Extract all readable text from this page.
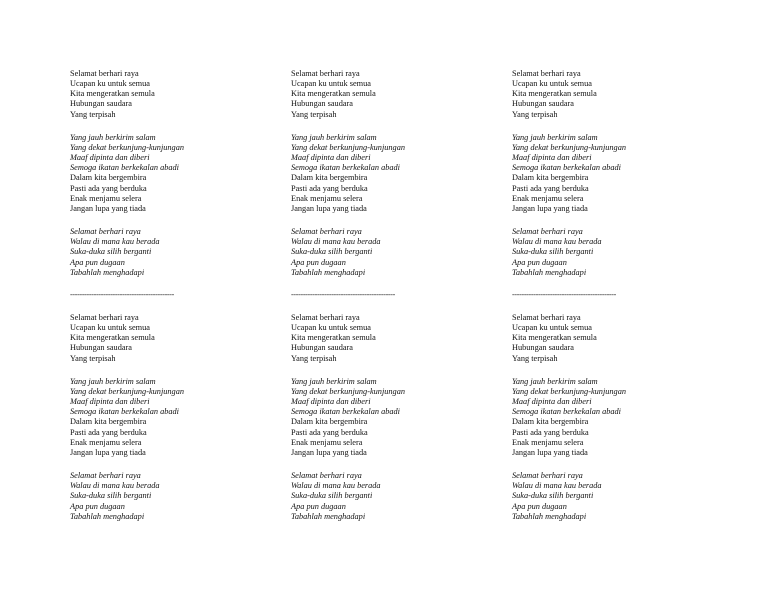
Selamat berhari raya
Ucapan ku untuk semua
Kita mengeratkan semula
Hubungan saudara
Yang terpisah

Yang jauh berkirim salam
Yang dekat berkunjung-kunjungan
Maaf dipinta dan diberi
Semoga ikatan berkekalan abadi
Dalam kita bergembira
Pasti ada yang berduka
Enak menjamu selera
Jangan lupa yang tiada

Selamat berhari raya
Walau di mana kau berada
Suka-duka silih berganti
Apa pun dugaan
Tabahlah menghadapi

--------------------------------------------

Selamat berhari raya
Ucapan ku untuk semua
Kita mengeratkan semula
Hubungan saudara
Yang terpisah

Yang jauh berkirim salam
Yang dekat berkunjung-kunjungan
Maaf dipinta dan diberi
Semoga ikatan berkekalan abadi
Dalam kita bergembira
Pasti ada yang berduka
Enak menjamu selera
Jangan lupa yang tiada

Selamat berhari raya
Walau di mana kau berada
Suka-duka silih berganti
Apa pun dugaan
Tabahlah menghadapi

Selamat berhari raya
Ucapan ku untuk semua
Kita mengeratkan semula
Hubungan saudara
Yang terpisah

Yang jauh berkirim salam
Yang dekat berkunjung-kunjungan
Maaf dipinta dan diberi
Semoga ikatan berkekalan abadi
Dalam kita bergembira
Pasti ada yang berduka
Enak menjamu selera
Jangan lupa yang tiada

Selamat berhari raya
Walau di mana kau berada
Suka-duka silih berganti
Apa pun dugaan
Tabahlah menghadapi

--------------------------------------------

Selamat berhari raya
Ucapan ku untuk semua
Kita mengeratkan semula
Hubungan saudara
Yang terpisah

Yang jauh berkirim salam
Yang dekat berkunjung-kunjungan
Maaf dipinta dan diberi
Semoga ikatan berkekalan abadi
Dalam kita bergembira
Pasti ada yang berduka
Enak menjamu selera
Jangan lupa yang tiada

Selamat berhari raya
Walau di mana kau berada
Suka-duka silih berganti
Apa pun dugaan
Tabahlah menghadapi

Selamat berhari raya
Ucapan ku untuk semua
Kita mengeratkan semula
Hubungan saudara
Yang terpisah

Yang jauh berkirim salam
Yang dekat berkunjung-kunjungan
Maaf dipinta dan diberi
Semoga ikatan berkekalan abadi
Dalam kita bergembira
Pasti ada yang berduka
Enak menjamu selera
Jangan lupa yang tiada

Selamat berhari raya
Walau di mana kau berada
Suka-duka silih berganti
Apa pun dugaan
Tabahlah menghadapi

--------------------------------------------

Selamat berhari raya
Ucapan ku untuk semua
Kita mengeratkan semula
Hubungan saudara
Yang terpisah

Yang jauh berkirim salam
Yang dekat berkunjung-kunjungan
Maaf dipinta dan diberi
Semoga ikatan berkekalan abadi
Dalam kita bergembira
Pasti ada yang berduka
Enak menjamu selera
Jangan lupa yang tiada

Selamat berhari raya
Walau di mana kau berada
Suka-duka silih berganti
Apa pun dugaan
Tabahlah menghadapi
